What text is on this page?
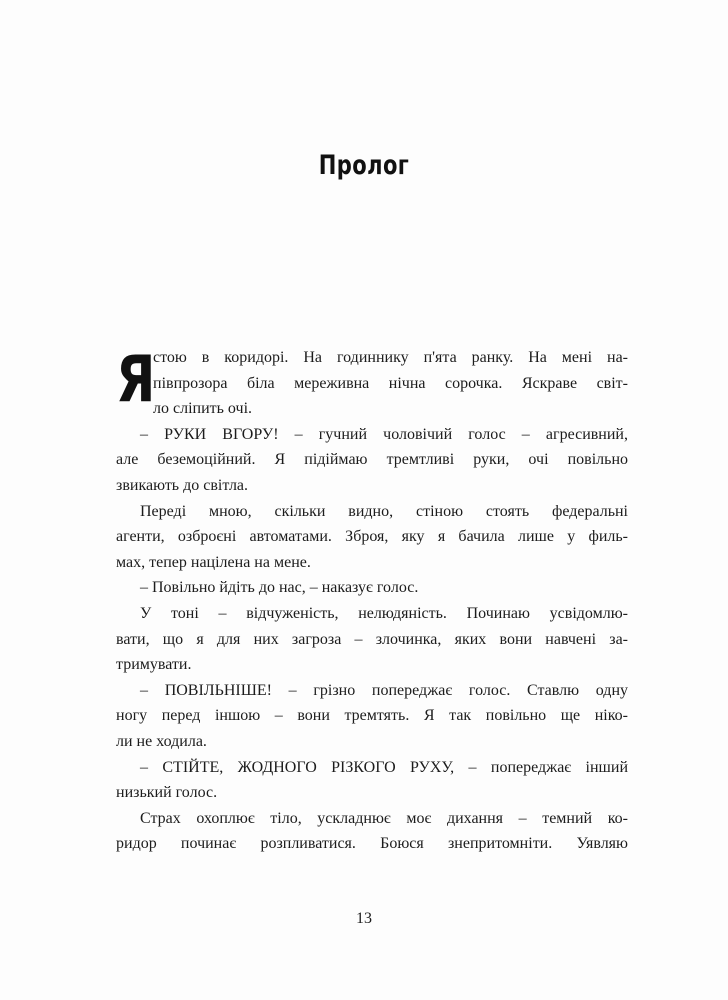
Пролог
Я
стою в коридорі. На годиннику п'ята ранку. На мені на-
півпрозора біла мереживна нічна сорочка. Яскраве світ-
ло сліпить очі.
– РУКИ ВГОРУ! – гучний чоловічий голос – агресивний,
але беземоційний. Я підіймаю тремтливі руки, очі повільно
звикають до світла.
Переді мною, скільки видно, стіною стоять федеральні
агенти, озброєні автоматами. Зброя, яку я бачила лише у филь-
мах, тепер націлена на мене.
– Повільно йдіть до нас, – наказує голос.
У тоні – відчуженість, нелюдяність. Починаю усвідомлю-
вати, що я для них загроза – злочинка, яких вони навчені за-
тримувати.
– ПОВІЛЬНІШЕ! – грізно попереджає голос. Ставлю одну
ногу перед іншою – вони тремтять. Я так повільно ще ніко-
ли не ходила.
– СТІЙТЕ, ЖОДНОГО РІЗКОГО РУХУ, – попереджає інший
низький голос.
Страх охоплює тіло, ускладнює моє дихання – темний ко-
ридор починає розпливатися. Боюся знепритомніти. Уявляю
13
